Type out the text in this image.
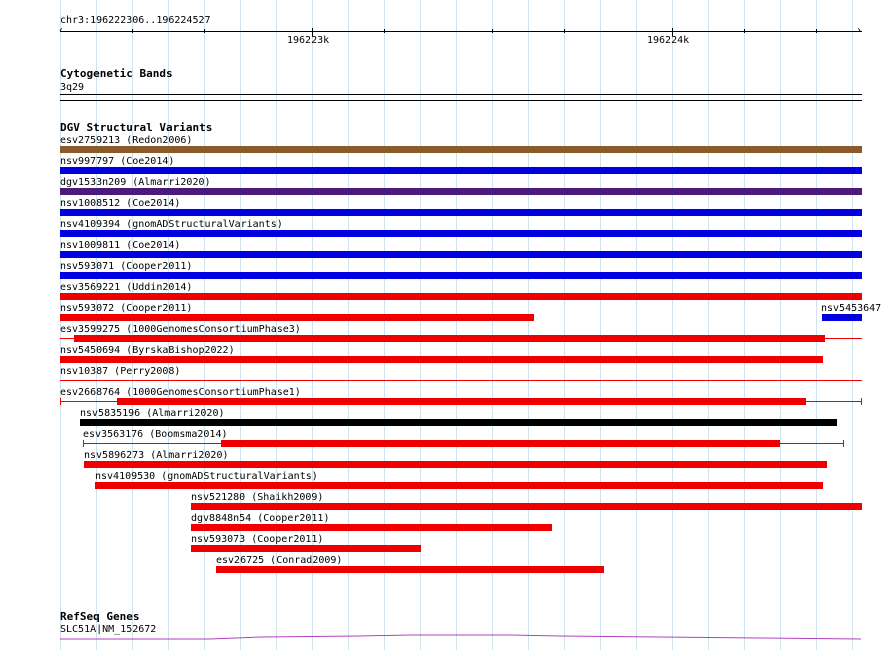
chr3:196222306..196224527
‹	›
196223k	196224k
Cytogenetic Bands
3q29
DGV Structural Variants
esv2759213 (Redon2006)
nsv997797 (Coe2014)
dgv1533n209 (Almarri2020)
nsv1008512 (Coe2014)
nsv4109394 (gnomADStructuralVariants)
nsv1009811 (Coe2014)
nsv593071 (Cooper2011)
esv3569221 (Uddin2014)
nsv593072 (Cooper2011)	nsv5453647
esv3599275 (1000GenomesConsortiumPhase3)
nsv5450694 (ByrskaBishop2022)
nsv10387 (Perry2008)
esv2668764 (1000GenomesConsortiumPhase1)
nsv5835196 (Almarri2020)
esv3563176 (Boomsma2014)
nsv5896273 (Almarri2020)
nsv4109530 (gnomADStructuralVariants)
nsv521280 (Shaikh2009)
dgv8848n54 (Cooper2011)
nsv593073 (Cooper2011)
esv26725 (Conrad2009)
RefSeq Genes
SLC51A|NM_152672
